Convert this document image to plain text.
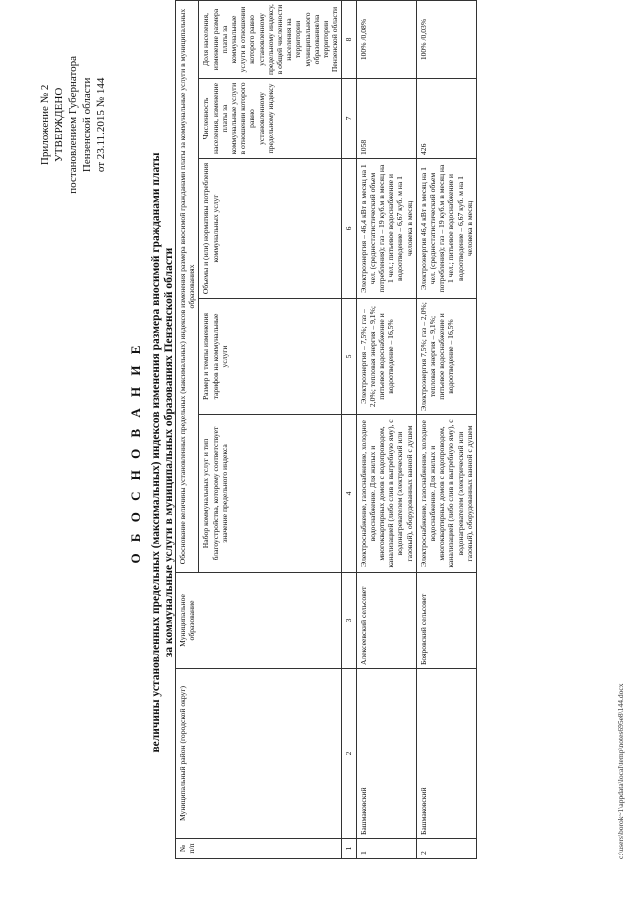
Приложение № 2 УТВЕРЖДЕНО постановлением Губернатора Пензенской области от 23.11.2015 № 144
О Б О С Н О В А Н И Е величины установленных предельных (максимальных) индексов изменения размера вносимой гражданами платы за коммунальные услуги в муниципальных образованиях Пензенской области
№ п/п	Муниципальный район (городской округ)	Муниципальное образование	Обоснование величины установленных предельных (максимальных) индексов изменения размера вносимой гражданами платы за коммунальные услуги в муниципальных образованиях				
			Набор коммунальных услуг и тип благоустройства, которому соответствует значение предельного индекса	Размер и темпы изменения тарифов на коммунальные услуги	Объемы и (или) нормативы потребления коммунальных услуг	Численность населения, изменение платы за коммунальные услуги в отношении которого равно установленному предельному индексу	Доля населения, изменение размера платы за коммунальные услуги в отношении которого равно установленному предельному индексу, в общей численности населения на территории муниципального образования/на территории Пензенской области
1	2	3	4	5	6	7	8
1	Башмаковский	Алексеевский сельсовет	Электроснабжение, газоснабжение, холодное водоснабжение. Для жилых и многоквартирных домов с водопроводом, канализацией (либо слив в выгребную яму), с водонагревателем (электрический или газовый), оборудованных ванной с душем	Электроэнергия – 7,5%; газ – 2,0%; тепловая энергия – 9,1%; питьевое водоснабжение и водоотведение – 16,5%	Электроэнергия – 46,4 кВт в месяц на 1 чел. (среднестатистический объем потребления); газ – 19 куб.м в месяц на 1 чел.; питьевое водоснабжение и водоотведение – 6,67 куб. м на 1 человека в месяц	1058	100% /0,08%
2	Башмаковский	Бояровский сельсовет	Электроснабжение, газоснабжение, холодное водоснабжение. Для жилых и многоквартирных домов с водопроводом, канализацией (либо слив в выгребную яму), с водонагревателем (электрический или газовый), оборудованных ванной с душем	Электроэнергия 7,5%; газ – 2,0%; тепловая энергия – 9,1%; питьевое водоснабжение и водоотведение – 16,5%	Электроэнергия 46,4 кВт в месяц на 1 чел. (среднестатистический объем потребления); газ – 19 куб.м в месяц на 1 чел.; питьевое водоснабжение и водоотведение – 6,67 куб. м на 1 человека в месяц	426	100% /0,03%
c:\users\borok~1\appdata\local\temp\notes695e8\144.docx
